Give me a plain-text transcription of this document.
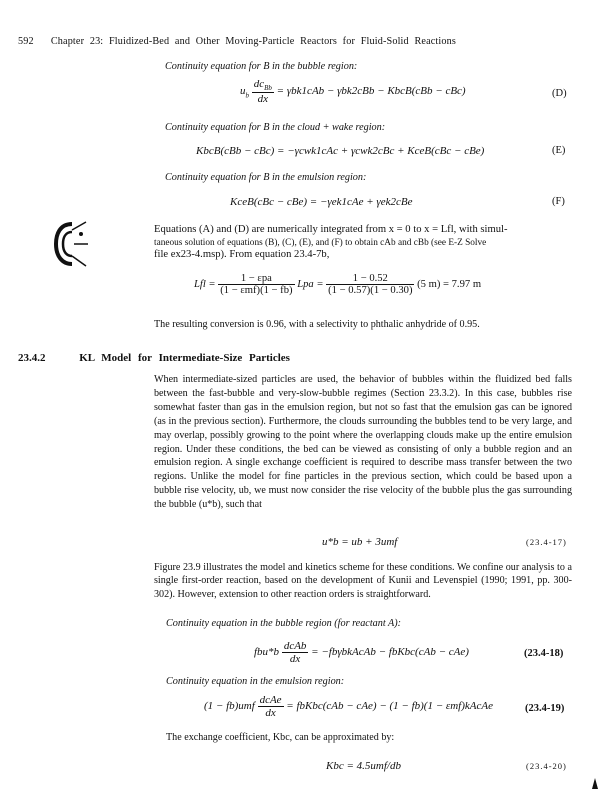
592 Chapter 23: Fluidized-Bed and Other Moving-Particle Reactors for Fluid-Solid Reactions
Continuity equation for B in the bubble region:
$u_b \frac{dc_{Bb}}{dx} = \gamma bk1cAb - \gamma bk2cBb$ − KbcB(cBb − cBc)	(D)
Continuity equation for B in the cloud + wake region:
KbcB(cBb − cBc) = −γcwk1cAc + γcwk2cBc + KceB(cBc − cBe)	(E)
Continuity equation for B in the emulsion region:
KceB(cBc − cBe) = −γek1cAe + γek2cBe	(F)
Equations (A) and (D) are numerically integrated from x = 0 to x = Lfl, with simul-
taneous solution of equations (B), (C), (E), and (F) to obtain cAb and cBb (see E-Z Solve
file ex23-4.msp). From equation 23.4-7b,
Lfl = $\frac{\text{1 − εpa}}{\text{(1 − εmf)(1 − fb)}}$ Lpa = $\frac{1 - 0.52}{(1 - 0.57)(1 - 0.30)} (5$ m) = 7.97 m
The resulting conversion is 0.96, with a selectivity to phthalic anhydride of 0.95.
23.4.2	KL Model for Intermediate-Size Particles
When intermediate-sized particles are used, the behavior of bubbles within the fluidized bed falls between the fast-bubble and very-slow-bubble regimes (Section 23.3.2). In this case, bubbles rise somewhat faster than gas in the emulsion region, but not so fast that the emulsion gas can be ignored (as in the previous section). Furthermore, the clouds surrounding the bubbles tend to be very large, and may overlap, possibly growing to the point where the overlapping clouds make up the entire emulsion region. Under these conditions, the bed can be viewed as consisting of only a bubble region and an emulsion region. A single exchange coefficient is required to describe mass transfer between the two regions. Unlike the model for fine particles in the previous section, which could be based upon a bubble rise velocity, ub, we must now consider the rise velocity of the bubble plus the gas surrounding the bubble (u*b), such that
u*b = ub + 3umf	(23.4-17)
Figure 23.9 illustrates the model and kinetics scheme for these conditions. We confine our analysis to a single first-order reaction, based on the development of Kunii and Levenspiel (1990; 1991, pp. 300-302). However, extension to other reaction orders is straightforward.
Continuity equation in the bubble region (for reactant A):
$fbu*b \frac{\text{dcAb}}{dx}$ = −fbγbkAcAb − fbKbc(cAb − cAe)	(23.4-18)
Continuity equation in the emulsion region:
$(1 - fb)umf \frac{\text{dcAe}}{dx}$ = fbKbc(cAb − cAe) − (1 − fb)(1 − εmf)kAcAe	(23.4-19)
The exchange coefficient, Kbc, can be approximated by:
Kbc = 4.5umf/db	(23.4-20)
